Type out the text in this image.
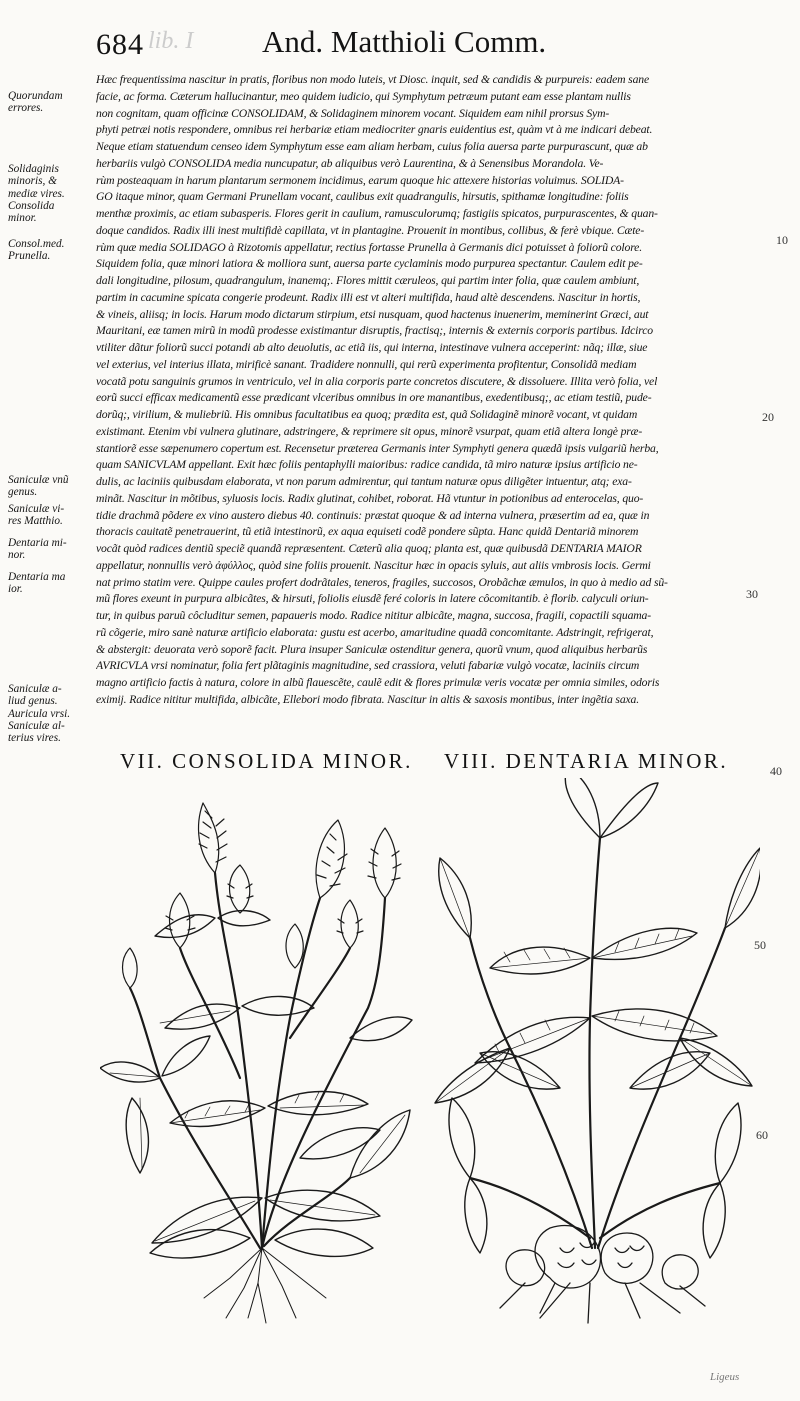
684 lib. I And. Matthioli Comm.
Quorundam
errores.
Solidaginis
minoris, &
mediæ vires.
Consolida
minor.
Consol.med.
Prunella.
Saniculæ vnũ
genus.
Saniculæ vi-
res Matthio.
Dentaria mi-
nor.
Dentaria ma
ior.
Saniculæ a-
liud genus.
Auricula vrsi.
Saniculæ al-
terius vires.
Hæc frequentissima nascitur in pratis, floribus non modo luteis, vt Diosc. inquit, sed & candidis & purpureis: eadem sane
facie, ac forma. Cæterum hallucinantur, meo quidem iudicio, qui Symphytum petræum putant eam esse plantam nullis
non cognitam, quam officinæ CONSOLIDAM, & Solidaginem minorem vocant. Siquidem eam nihil prorsus Sym-
phyti petræi notis respondere, omnibus rei herbariæ etiam mediocriter gnaris euidentius est, quàm vt à me indicari debeat.
Neque etiam statuendum censeo idem Symphytum esse eam aliam herbam, cuius folia auersa parte purpurascunt, quæ ab
herbariis vulgò CONSOLIDA media nuncupatur, ab aliquibus verò Laurentina, & à Senensibus Morandola. Ve-
rùm posteaquam in harum plantarum sermonem incidimus, earum quoque hic attexere historias voluimus. SOLIDA-
GO itaque minor, quam Germani Prunellam vocant, caulibus exit quadrangulis, hirsutis, spithamæ longitudine: foliis
menthæ proximis, ac etiam subasperis. Flores gerit in caulium, ramusculorumq; fastigiis spicatos, purpurascentes, & quan-
doque candidos. Radix illi inest multifidè capillata, vt in plantagine. Prouenit in montibus, collibus, & ferè vbique. Cæte-
rùm quæ media SOLIDAGO à Rizotomis appellatur, rectius fortasse Prunella à Germanis dici potuisset à foliorũ colore.
Siquidem folia, quæ minori latiora & molliora sunt, auersa parte cyclaminis modo purpurea spectantur. Caulem edit pe-
dali longitudine, pilosum, quadrangulum, inanemq;. Flores mittit cæruleos, qui partim inter folia, quæ caulem ambiunt,
partim in cacumine spicata congerie prodeunt. Radix illi est vt alteri multifida, haud altè descendens. Nascitur in hortis,
& vineis, aliisq; in locis. Harum modo dictarum stirpium, etsi nusquam, quod hactenus inuenerim, meminerint Græci, aut
Mauritani, eæ tamen mirũ in modũ prodesse existimantur disruptis, fractisq;, internis & externis corporis partibus. Idcirco
vtiliter dãtur foliorũ succi potandi ab alto deuolutis, ac etiã iis, qui interna, intestinave vulnera acceperint: nãq; illæ, siue
vel exterius, vel interius illata, mirificè sanant. Tradidere nonnulli, qui rerũ experimenta profitentur, Consolidã mediam
vocatã potu sanguinis grumos in ventriculo, vel in alia corporis parte concretos discutere, & dissoluere. Illita verò folia, vel
eorũ succi efficax medicamentũ esse prædicant vlceribus omnibus in ore manantibus, exedentibusq;, ac etiam testiũ, pude-
dorũq;, virilium, & muliebriũ. His omnibus facultatibus ea quoq; prædita est, quã Solidaginẽ minorẽ vocant, vt quidam
existimant. Etenim vbi vulnera glutinare, adstringere, & reprimere sit opus, minorẽ vsurpat, quam etiã altera longè præ-
stantiorẽ esse sæpenumero copertum est. Recensetur præterea Germanis inter Symphyti genera quædã ipsis vulgariũ herba,
quam SANICVLAM appellant. Exit hæc foliis pentaphylli maioribus: radice candida, tã miro naturæ ipsius artificio ne-
dulis, ac laciniis quibusdam elaborata, vt non parum admirentur, qui tantum naturæ opus diligẽter intuentur, atq; exa-
minãt. Nascitur in mõtibus, syluosis locis. Radix glutinat, cohibet, roborat. Hã vtuntur in potionibus ad enterocelas, quo-
tidie drachmã põdere ex vino austero diebus 40. continuis: præstat quoque & ad interna vulnera, præsertim ad ea, quæ in
thoracis cauitatẽ penetrauerint, tũ etiã intestinorũ, ex aqua equiseti codẽ pondere sũpta. Hanc quidã Dentariã minorem
vocãt quòd radices dentiũ speciẽ quandã repræsentent. Cæterũ alia quoq; planta est, quæ quibusdã DENTARIA MAIOR
appellatur, nonnullis verò ἀφύλλος, quòd sine foliis prouenit. Nascitur hæc in opacis syluis, aut aliis vmbrosis locis. Germi
nat primo statim vere. Quippe caules profert dodrãtales, teneros, fragiles, succosos, Orobãchæ æmulos, in quo à medio ad sũ-
mũ flores exeunt in purpura albicãtes, & hirsuti, foliolis eiusdẽ feré coloris in latere côcomitantib. è florib. calyculi oriun-
tur, in quibus paruũ côcluditur semen, papaueris modo. Radice nititur albicãte, magna, succosa, fragili, copactili squama-
rũ cõgerie, miro sanè naturæ artificio elaborata: gustu est acerbo, amaritudine quadã concomitante. Adstringit, refrigerat,
& abstergit: deuorata verò soporẽ facit. Plura insuper Saniculæ ostenditur genera, quorũ vnum, quod aliquibus herbarũs
AVRICVLA vrsi nominatur, folia fert plãtaginis magnitudine, sed crassiora, veluti fabariæ vulgò vocatæ, laciniis circum
magno artificio factis à natura, colore in albũ flauescẽte, caulẽ edit & flores primulæ veris vocatæ per omnia similes, odoris
eximij. Radice nititur multifida, albicãte, Ellebori modo fibrata. Nascitur in altis & saxosis montibus, inter ingẽtia saxa.
10
20
30
40
50
60
VII. CONSOLIDA MINOR. VIII. DENTARIA MINOR.
Ligeus
